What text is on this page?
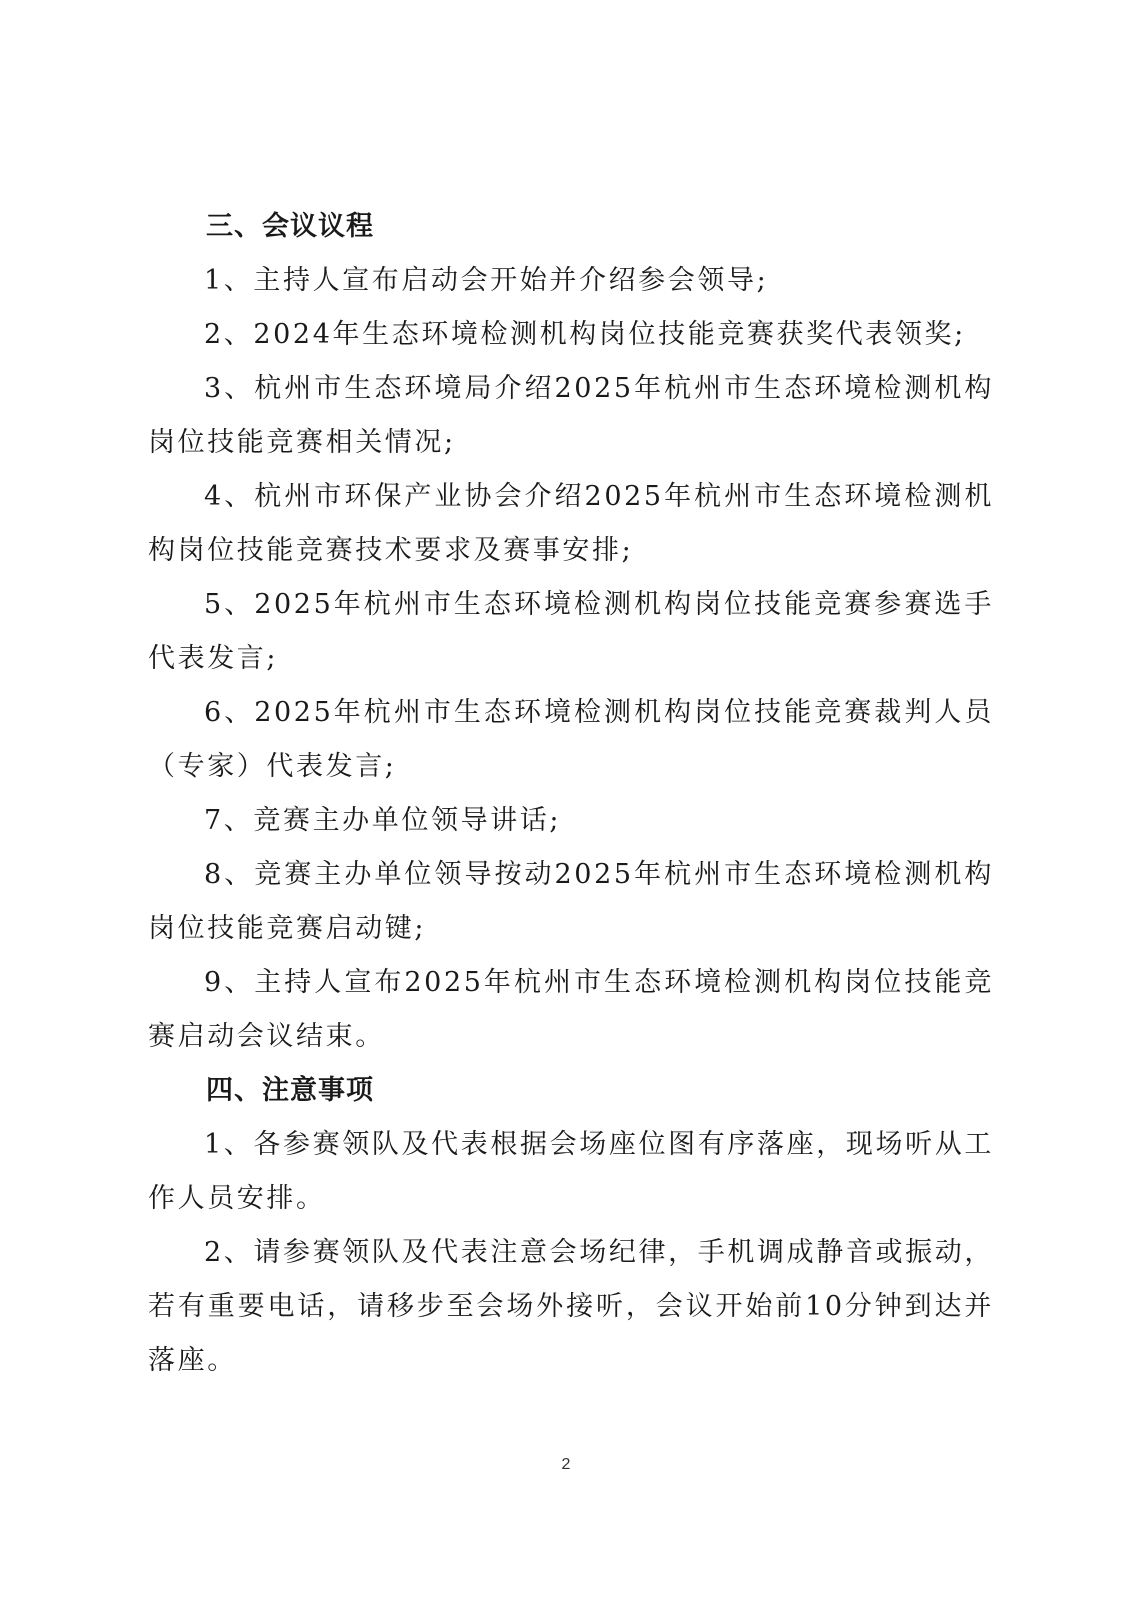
三、会议议程

1、主持人宣布启动会开始并介绍参会领导;

2、2024年生态环境检测机构岗位技能竞赛获奖代表领奖;

3、杭州市生态环境局介绍2025年杭州市生态环境检测机构岗位技能竞赛相关情况;

4、杭州市环保产业协会介绍2025年杭州市生态环境检测机构岗位技能竞赛技术要求及赛事安排;

5、2025年杭州市生态环境检测机构岗位技能竞赛参赛选手代表发言;

6、2025年杭州市生态环境检测机构岗位技能竞赛裁判人员（专家）代表发言;

7、竞赛主办单位领导讲话;

8、竞赛主办单位领导按动2025年杭州市生态环境检测机构岗位技能竞赛启动键;

9、主持人宣布2025年杭州市生态环境检测机构岗位技能竞赛启动会议结束。

四、注意事项

1、各参赛领队及代表根据会场座位图有序落座，现场听从工作人员安排。

2、请参赛领队及代表注意会场纪律，手机调成静音或振动，若有重要电话，请移步至会场外接听，会议开始前10分钟到达并落座。

2
